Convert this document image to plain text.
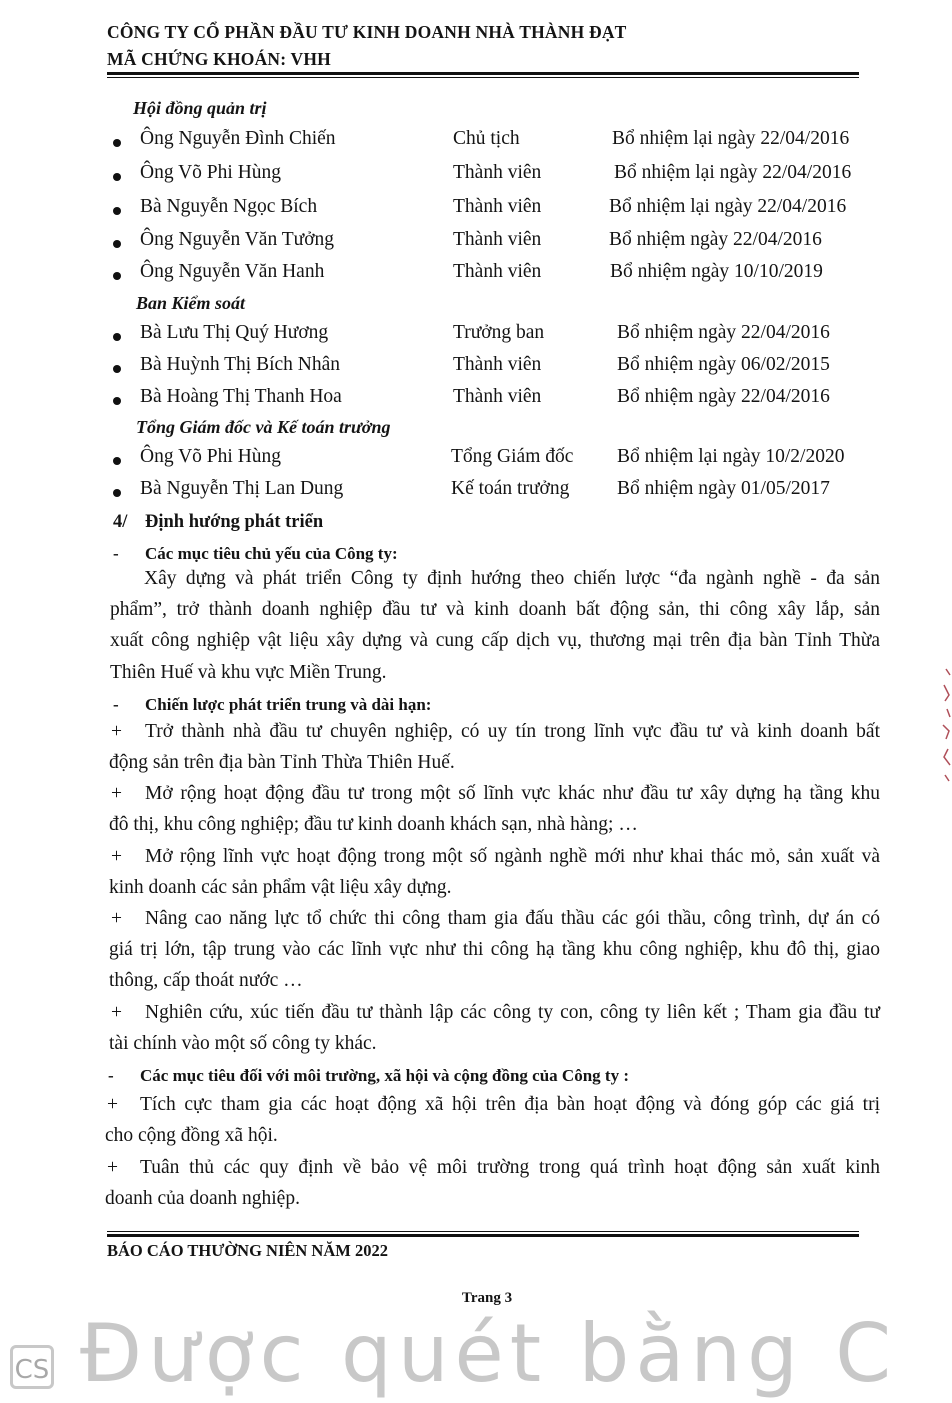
CÔNG TY CỔ PHẦN ĐẦU TƯ KINH DOANH NHÀ THÀNH ĐẠT
MÃ CHỨNG KHOÁN: VHH
Hội đồng quản trị
Ông Nguyễn Đình Chiến	Chủ tịch	Bổ nhiệm lại ngày 22/04/2016
Ông Võ Phi Hùng	Thành viên	Bổ nhiệm lại ngày 22/04/2016
Bà Nguyễn Ngọc Bích	Thành viên	Bổ nhiệm lại ngày 22/04/2016
Ông Nguyễn Văn Tưởng	Thành viên	Bổ nhiệm ngày 22/04/2016
Ông Nguyễn Văn Hanh	Thành viên	Bổ nhiệm ngày 10/10/2019
Ban Kiểm soát
Bà Lưu Thị Quý Hương	Trưởng ban	Bổ nhiệm ngày 22/04/2016
Bà Huỳnh Thị Bích Nhân	Thành viên	Bổ nhiệm ngày 06/02/2015
Bà Hoàng Thị Thanh Hoa	Thành viên	Bổ nhiệm ngày 22/04/2016
Tổng Giám đốc và Kế toán trưởng
Ông Võ Phi Hùng	Tổng Giám đốc Bổ nhiệm lại ngày 10/2/2020
Bà Nguyễn Thị Lan Dung	Kế toán trưởng Bổ nhiệm ngày 01/05/2017
4/ Định hướng phát triển
- Các mục tiêu chủ yếu của Công ty:
Xây dựng và phát triển Công ty định hướng theo chiến lược “đa ngành nghề - đa sản
phẩm”, trở thành doanh nghiệp đầu tư và kinh doanh bất động sản, thi công xây lắp, sản
xuất công nghiệp vật liệu xây dựng và cung cấp dịch vụ, thương mại trên địa bàn Tỉnh Thừa
Thiên Huế và khu vực Miền Trung.
- Chiến lược phát triển trung và dài hạn:
+ Trở thành nhà đầu tư chuyên nghiệp, có uy tín trong lĩnh vực đầu tư và kinh doanh bất
động sản trên địa bàn Tỉnh Thừa Thiên Huế.
+ Mở rộng hoạt động đầu tư trong một số lĩnh vực khác như đầu tư xây dựng hạ tầng khu
đô thị, khu công nghiệp; đầu tư kinh doanh khách sạn, nhà hàng; …
+ Mở rộng lĩnh vực hoạt động trong một số ngành nghề mới như khai thác mỏ, sản xuất và
kinh doanh các sản phẩm vật liệu xây dựng.
+ Nâng cao năng lực tổ chức thi công tham gia đấu thầu các gói thầu, công trình, dự án có
giá trị lớn, tập trung vào các lĩnh vực như thi công hạ tầng khu công nghiệp, khu đô thị, giao
thông, cấp thoát nước …
+ Nghiên cứu, xúc tiến đầu tư thành lập các công ty con, công ty liên kết ; Tham gia đầu tư
tài chính vào một số công ty khác.
- Các mục tiêu đối với môi trường, xã hội và cộng đồng của Công ty :
+ Tích cực tham gia các hoạt động xã hội trên địa bàn hoạt động và đóng góp các giá trị
cho cộng đồng xã hội.
+ Tuân thủ các quy định về bảo vệ môi trường trong quá trình hoạt động sản xuất kinh
doanh của doanh nghiệp.
BÁO CÁO THƯỜNG NIÊN NĂM 2022
Trang 3
Được quét bằng C
CS
